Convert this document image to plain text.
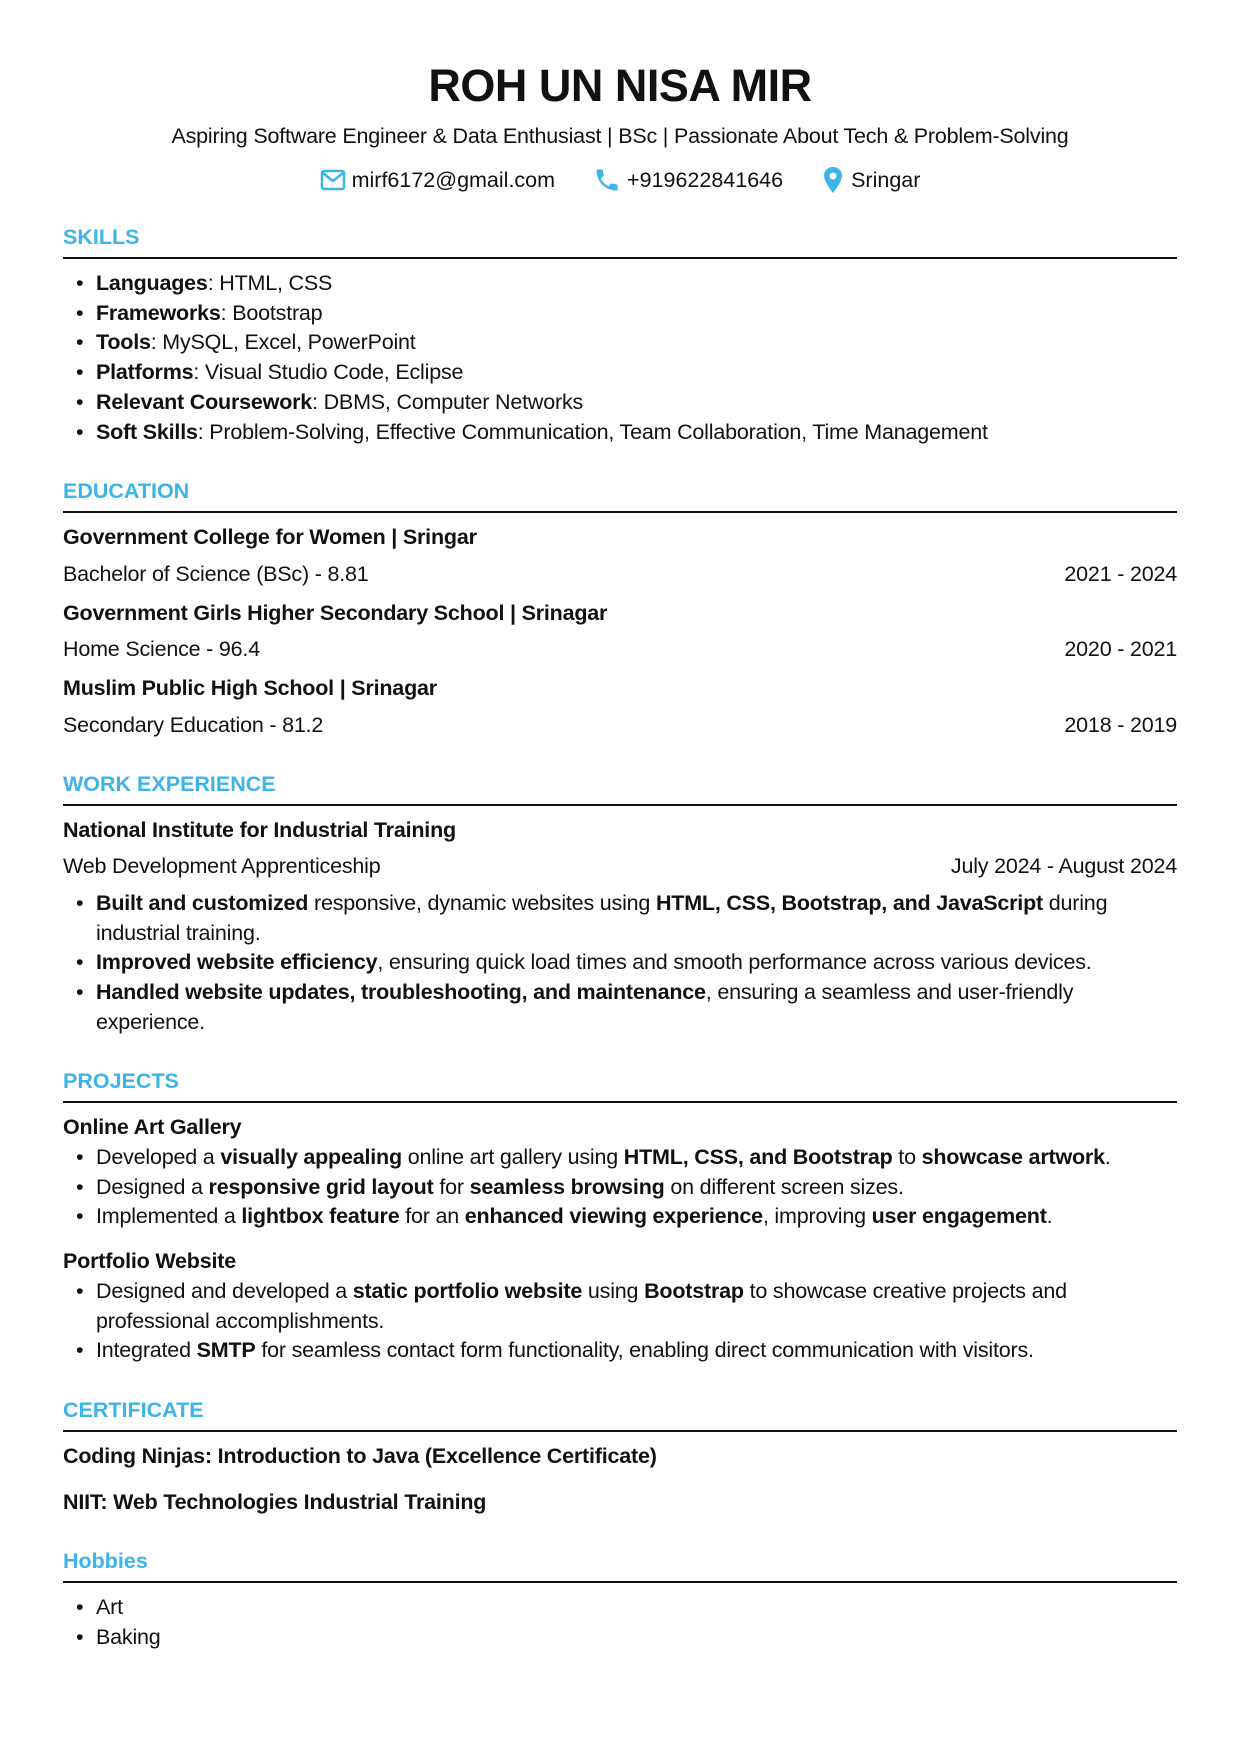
ROH UN NISA MIR
Aspiring Software Engineer & Data Enthusiast | BSc | Passionate About Tech & Problem-Solving
mirf6172@gmail.com	+919622841646	Sringar
SKILLS
• Languages: HTML, CSS
• Frameworks: Bootstrap
• Tools: MySQL, Excel, PowerPoint
• Platforms: Visual Studio Code, Eclipse
• Relevant Coursework: DBMS, Computer Networks
• Soft Skills: Problem-Solving, Effective Communication, Team Collaboration, Time Management
EDUCATION
Government College for Women | Sringar
Bachelor of Science (BSc) - 8.81	2021 - 2024
Government Girls Higher Secondary School | Srinagar
Home Science - 96.4	2020 - 2021
Muslim Public High School | Srinagar
Secondary Education - 81.2	2018 - 2019
WORK EXPERIENCE
National Institute for Industrial Training
Web Development Apprenticeship	July 2024 - August 2024
• Built and customized responsive, dynamic websites using HTML, CSS, Bootstrap, and JavaScript during industrial training.
• Improved website efficiency, ensuring quick load times and smooth performance across various devices.
• Handled website updates, troubleshooting, and maintenance, ensuring a seamless and user-friendly experience.
PROJECTS
Online Art Gallery
• Developed a visually appealing online art gallery using HTML, CSS, and Bootstrap to showcase artwork.
• Designed a responsive grid layout for seamless browsing on different screen sizes.
• Implemented a lightbox feature for an enhanced viewing experience, improving user engagement.
Portfolio Website
• Designed and developed a static portfolio website using Bootstrap to showcase creative projects and professional accomplishments.
• Integrated SMTP for seamless contact form functionality, enabling direct communication with visitors.
CERTIFICATE
Coding Ninjas: Introduction to Java (Excellence Certificate)
NIIT: Web Technologies Industrial Training
Hobbies
• Art
• Baking
